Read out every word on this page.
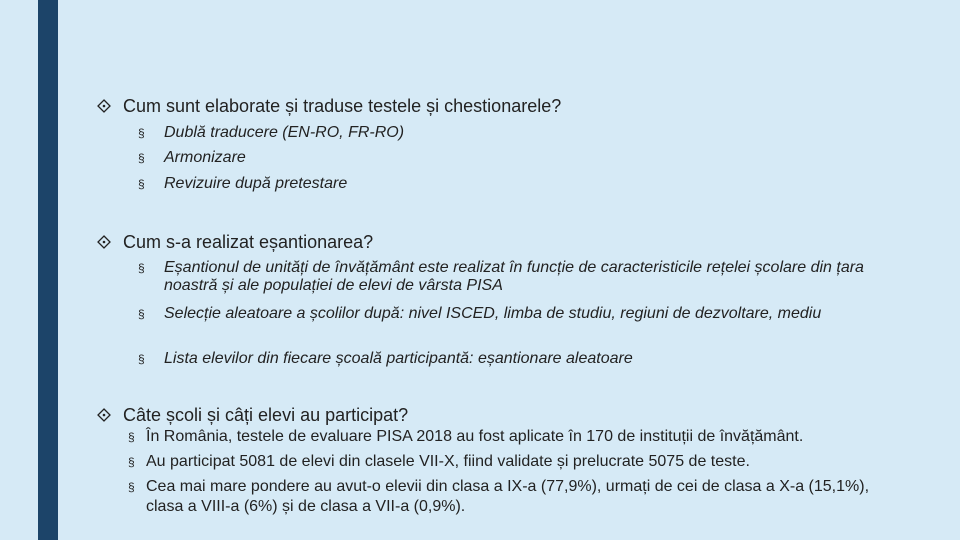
Cum sunt elaborate și traduse testele și chestionarele?
§ Dublă traducere (EN-RO, FR-RO)
§ Armonizare
§ Revizuire după pretestare
Cum s-a realizat eșantionarea?
§ Eșantionul de unități de învățământ este realizat în funcție de caracteristicile rețelei școlare din țara noastră și ale populației de elevi de vârsta PISA
§ Selecție aleatoare a școlilor după: nivel ISCED, limba de studiu, regiuni de dezvoltare, mediu
§ Lista elevilor din fiecare școală participantă: eșantionare aleatoare
Câte școli și câți elevi au participat?
§ În România, testele de evaluare PISA 2018 au fost aplicate în 170 de instituții de învățământ.
§ Au participat 5081 de elevi din clasele VII-X, fiind validate și prelucrate 5075 de teste.
§ Cea mai mare pondere au avut-o elevii din clasa a IX-a (77,9%), urmați de cei de clasa a X-a (15,1%), clasa a VIII-a (6%) și de clasa a VII-a (0,9%).
